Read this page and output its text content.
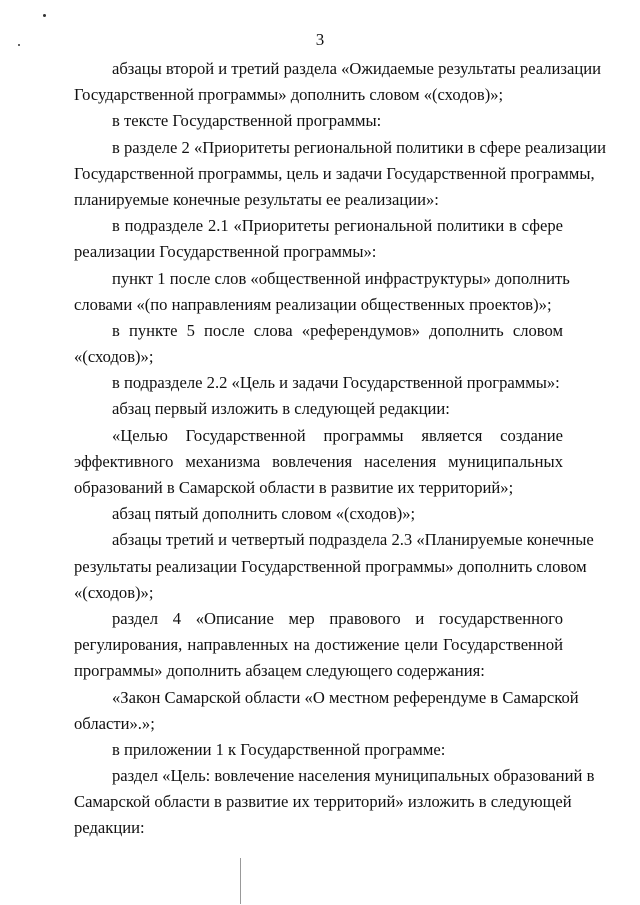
3
абзацы второй и третий раздела «Ожидаемые результаты реализации
Государственной программы» дополнить словом «(сходов)»;
в тексте Государственной программы:
в разделе 2 «Приоритеты региональной политики в сфере реализации
Государственной программы, цель и задачи Государственной программы,
планируемые конечные результаты ее реализации»:
в подразделе 2.1 «Приоритеты региональной политики в сфере
реализации Государственной программы»:
пункт 1 после слов «общественной инфраструктуры» дополнить
словами «(по направлениям реализации общественных проектов)»;
в пункте 5 после слова «референдумов» дополнить словом
«(сходов)»;
в подразделе 2.2 «Цель и задачи Государственной программы»:
абзац первый изложить в следующей редакции:
«Целью Государственной программы является создание
эффективного механизма вовлечения населения муниципальных
образований в Самарской области в развитие их территорий»;
абзац пятый дополнить словом «(сходов)»;
абзацы третий и четвертый подраздела 2.3 «Планируемые конечные
результаты реализации Государственной программы» дополнить словом
«(сходов)»;
раздел 4 «Описание мер правового и государственного
регулирования, направленных на достижение цели Государственной
программы» дополнить абзацем следующего содержания:
«Закон Самарской области «О местном референдуме в Самарской
области».»;
в приложении 1 к Государственной программе:
раздел «Цель: вовлечение населения муниципальных образований в
Самарской области в развитие их территорий» изложить в следующей
редакции:
